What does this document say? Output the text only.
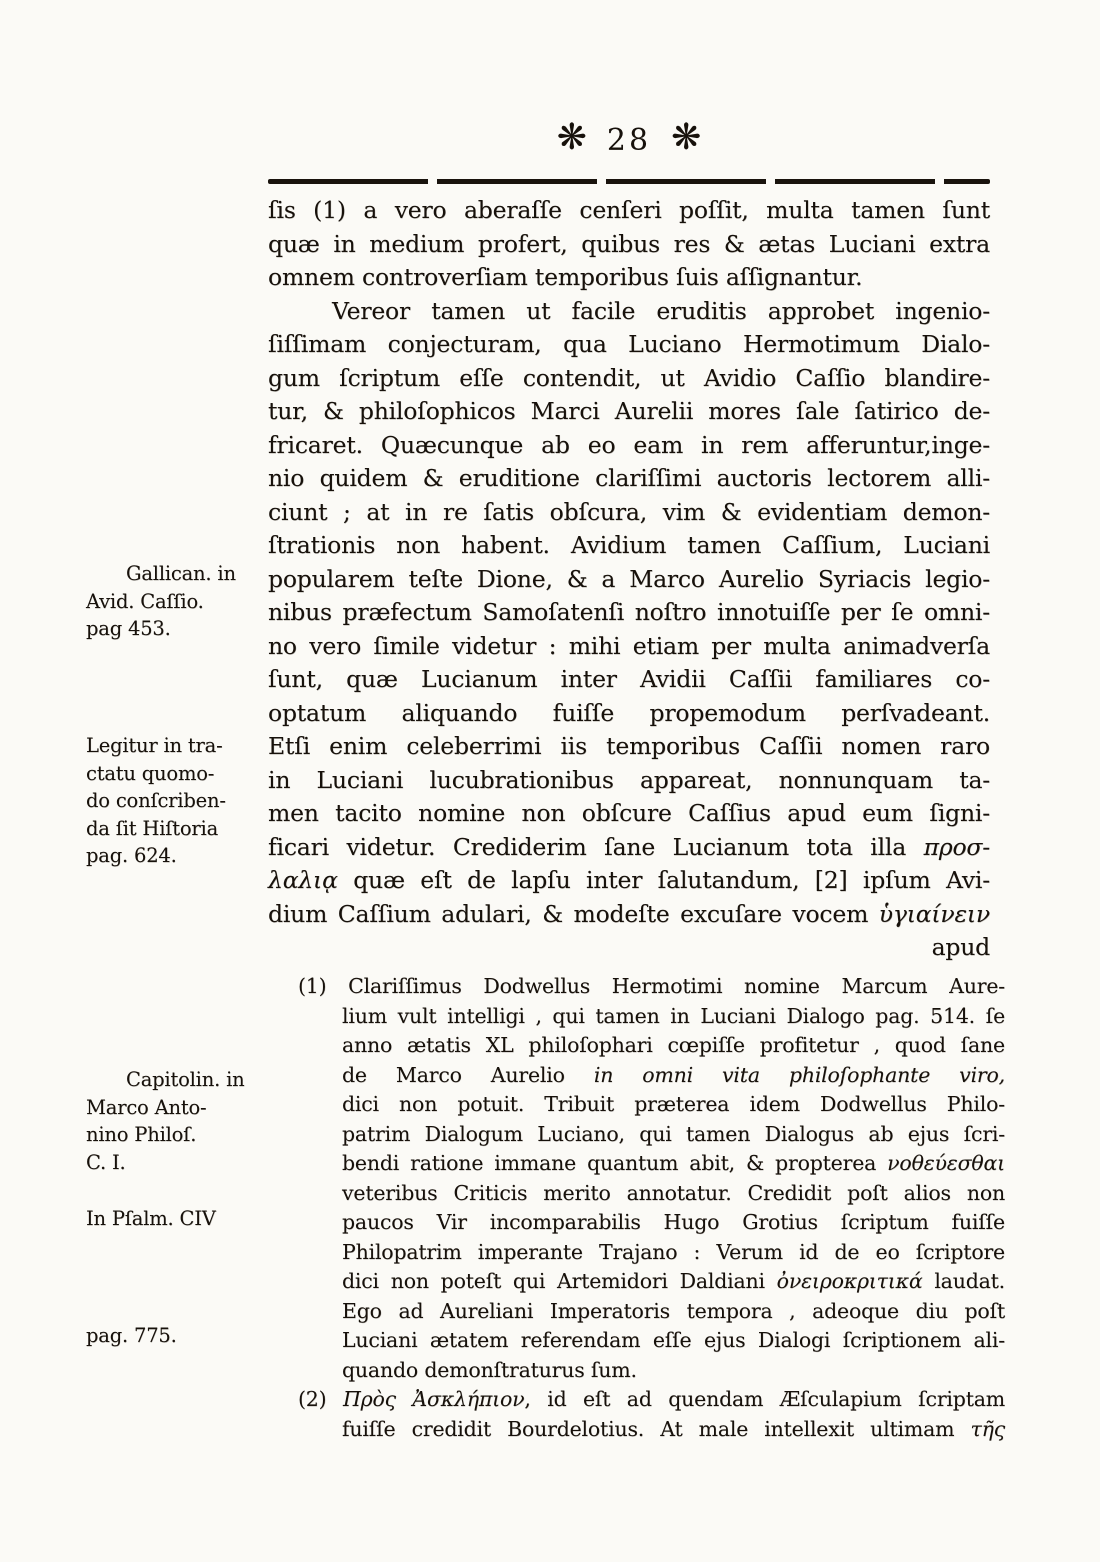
❋ 28 ❋
ſis (1) a vero aberaſſe cenſeri poſſit, multa tamen ſunt
quæ in medium profert, quibus res & ætas Luciani extra
omnem controverſiam temporibus ſuis aſſignantur.
Vereor tamen ut facile eruditis approbet ingenio-
ſiſſimam conjecturam, qua Luciano Hermotimum Dialo-
gum ſcriptum eſſe contendit, ut Avidio Caſſio blandire-
tur, & philoſophicos Marci Aurelii mores ſale ſatirico de-
fricaret. Quæcunque ab eo eam in rem afferuntur,inge-
nio quidem & eruditione clariſſimi auctoris lectorem alli-
ciunt ; at in re ſatis obſcura, vim & evidentiam demon-
ſtrationis non habent. Avidium tamen Caſſium, Luciani
popularem teſte Dione, & a Marco Aurelio Syriacis legio-
nibus præfectum Samoſatenſi noſtro innotuiſſe per ſe omni-
no vero ſimile videtur : mihi etiam per multa animadverſa
ſunt, quæ Lucianum inter Avidii Caſſii familiares co-
optatum aliquando fuiſſe propemodum perſvadeant.
Etſi enim celeberrimi iis temporibus Caſſii nomen raro
in Luciani lucubrationibus appareat, nonnunquam ta-
men tacito nomine non obſcure Caſſius apud eum ſigni-
ficari videtur. Crediderim ſane Lucianum tota illa προσ-
λαλιᾳ quæ eſt de lapſu inter ſalutandum, [2] ipſum Avi-
dium Caſſium adulari, & modeſte excuſare vocem ὑγιαίνειν
apud
Gallican. in
Avid. Caſſio.
pag 453.
Legitur in tra-
ctatu quomo-
do conſcriben-
da ſit Hiſtoria
pag. 624.
Capitolin. in
Marco Anto-
nino Philoſ.
C. I.
In Pſalm. CIV
pag. 775.
(1) Clariſſimus Dodwellus Hermotimi nomine Marcum Aure-
lium vult intelligi , qui tamen in Luciani Dialogo pag. 514. ſe
anno ætatis XL philoſophari cœpiſſe profitetur , quod ſane
de Marco Aurelio in omni vita philoſophante viro,
dici non potuit. Tribuit præterea idem Dodwellus Philo-
patrim Dialogum Luciano, qui tamen Dialogus ab ejus ſcri-
bendi ratione immane quantum abit, & propterea νοθεύεσθαι
veteribus Criticis merito annotatur. Credidit poſt alios non
paucos Vir incomparabilis Hugo Grotius ſcriptum fuiſſe
Philopatrim imperante Trajano : Verum id de eo ſcriptore
dici non poteſt qui Artemidori Daldiani ὀνειροκριτικά laudat.
Ego ad Aureliani Imperatoris tempora , adeoque diu poſt
Luciani ætatem referendam eſſe ejus Dialogi ſcriptionem ali-
quando demonſtraturus ſum.
(2) Πρὸς Ἀσκλήπιον, id eſt ad quendam Æſculapium ſcriptam
fuiſſe credidit Bourdelotius. At male intellexit ultimam τῆς
